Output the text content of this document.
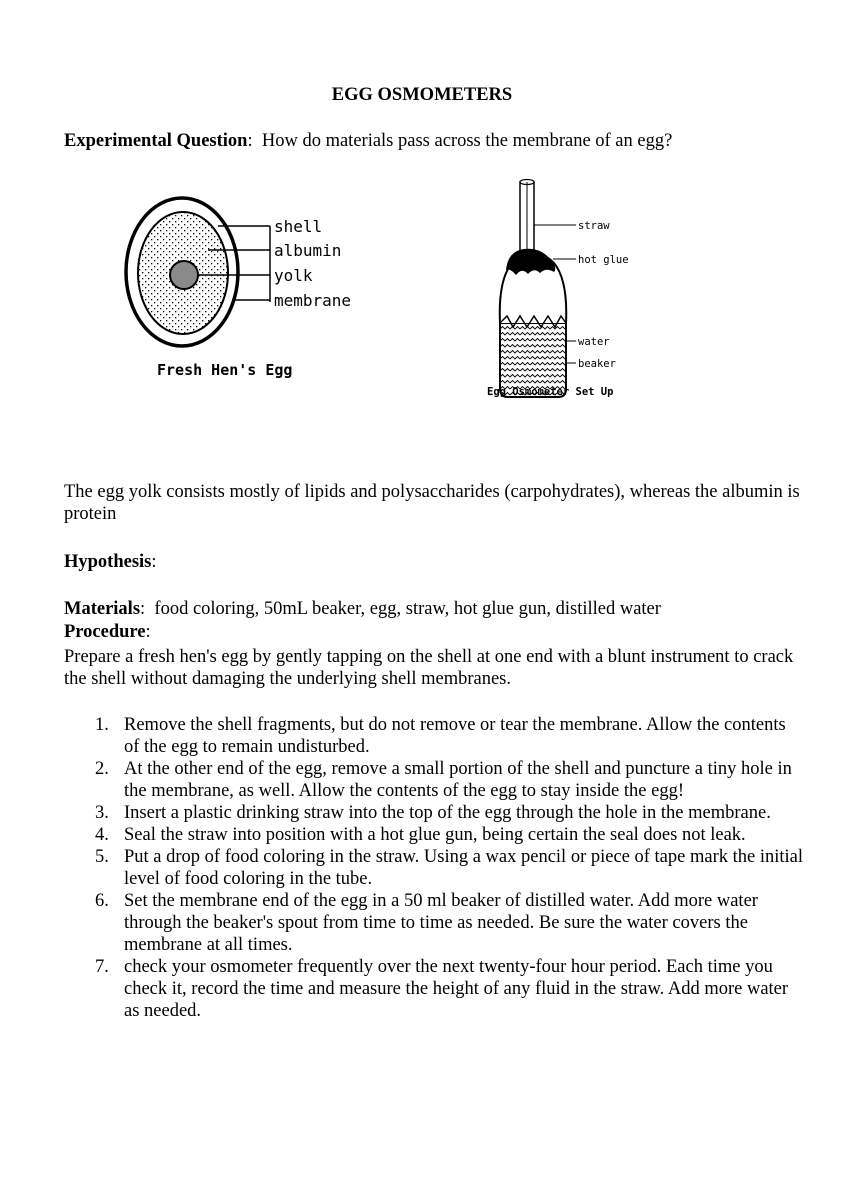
EGG OSMOMETERS
Experimental Question:  How do materials pass across the membrane of an egg?
shell
albumin
yolk
membrane
Fresh Hen's Egg
straw
hot glue
water
beaker
Egg Osmometer Set Up
The egg yolk consists mostly of lipids and polysaccharides (carpohydrates), whereas the albumin is protein
Hypothesis:
Materials:  food coloring, 50mL beaker, egg, straw, hot glue gun, distilled water
Procedure:
Prepare a fresh hen's egg by gently tapping on the shell at one end with a blunt instrument to crack the shell without damaging the underlying shell membranes.
1. Remove the shell fragments, but do not remove or tear the membrane. Allow the contents of the egg to remain undisturbed.
2. At the other end of the egg, remove a small portion of the shell and puncture a tiny hole in the membrane, as well. Allow the contents of the egg to stay inside the egg!
3. Insert a plastic drinking straw into the top of the egg through the hole in the membrane.
4. Seal the straw into position with a hot glue gun, being certain the seal does not leak.
5. Put a drop of food coloring in the straw. Using a wax pencil or piece of tape mark the initial level of food coloring in the tube.
6. Set the membrane end of the egg in a 50 ml beaker of distilled water. Add more water through the beaker's spout from time to time as needed. Be sure the water covers the membrane at all times.
7. check your osmometer frequently over the next twenty-four hour period. Each time you check it, record the time and measure the height of any fluid in the straw. Add more water as needed.
